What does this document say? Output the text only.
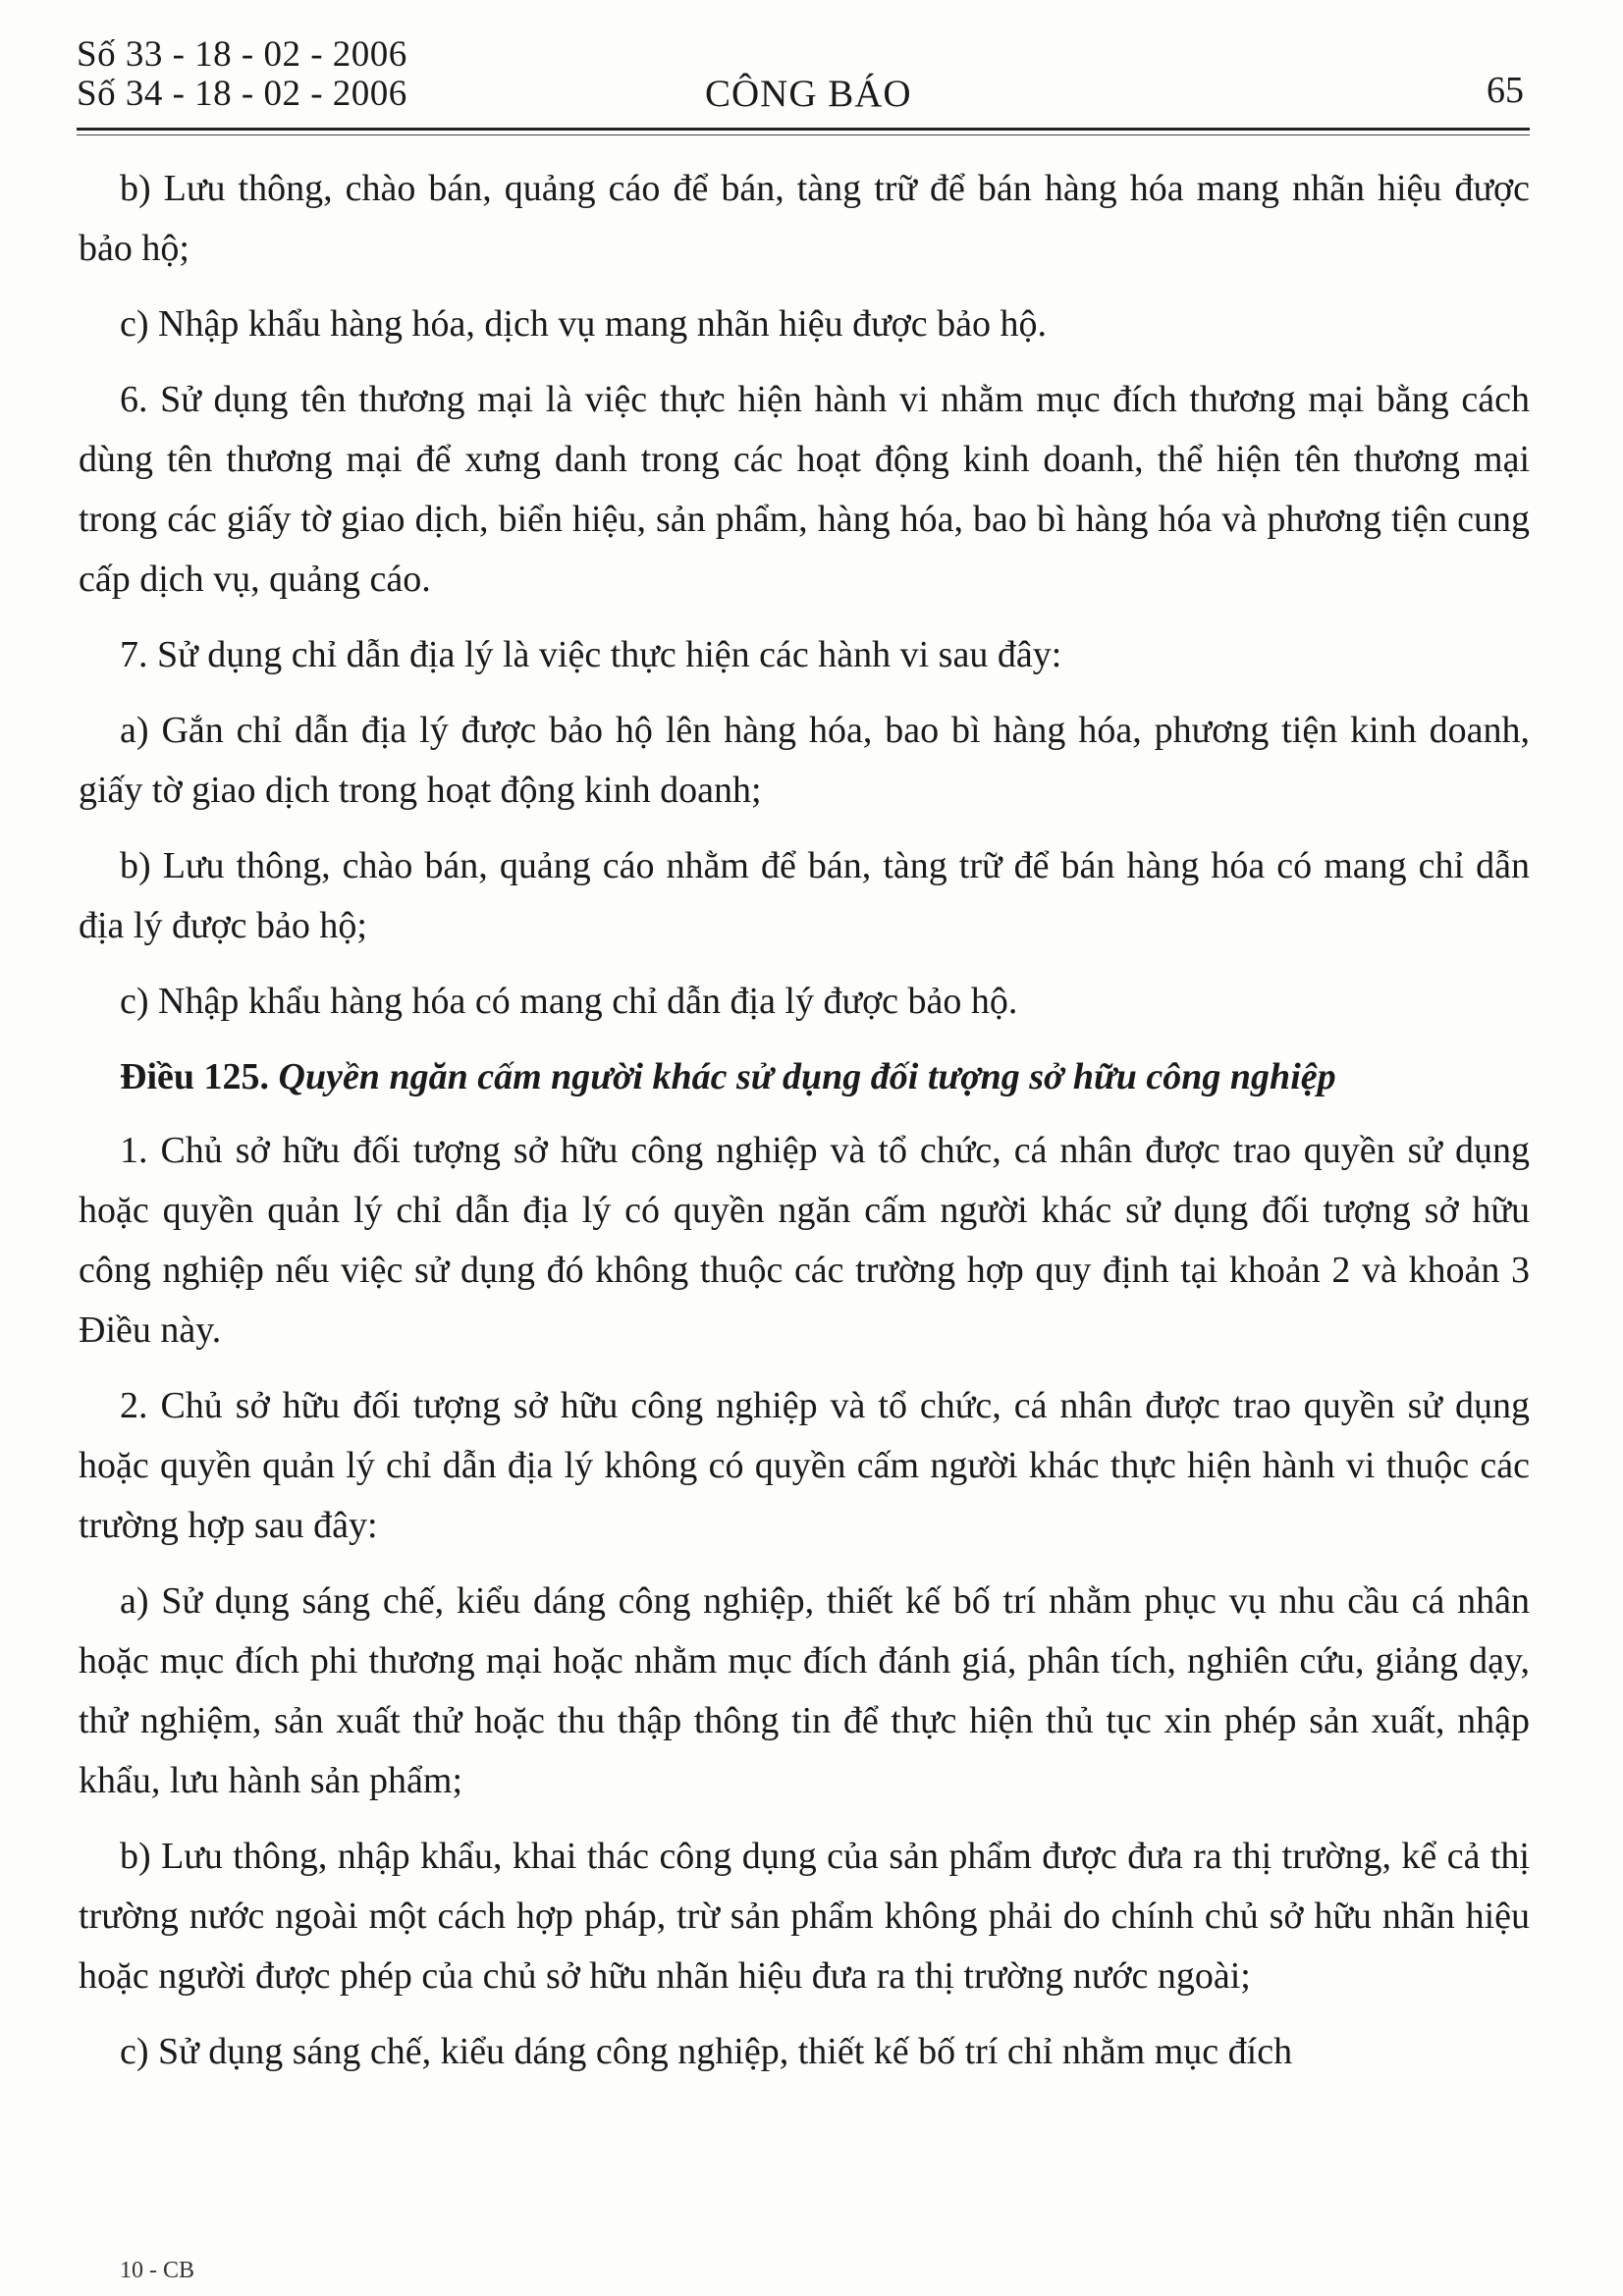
Số 33 - 18 - 02 - 2006
Số 34 - 18 - 02 - 2006	CÔNG BÁO	65

b) Lưu thông, chào bán, quảng cáo để bán, tàng trữ để bán hàng hóa mang nhãn hiệu được bảo hộ;

c) Nhập khẩu hàng hóa, dịch vụ mang nhãn hiệu được bảo hộ.

6. Sử dụng tên thương mại là việc thực hiện hành vi nhằm mục đích thương mại bằng cách dùng tên thương mại để xưng danh trong các hoạt động kinh doanh, thể hiện tên thương mại trong các giấy tờ giao dịch, biển hiệu, sản phẩm, hàng hóa, bao bì hàng hóa và phương tiện cung cấp dịch vụ, quảng cáo.

7. Sử dụng chỉ dẫn địa lý là việc thực hiện các hành vi sau đây:

a) Gắn chỉ dẫn địa lý được bảo hộ lên hàng hóa, bao bì hàng hóa, phương tiện kinh doanh, giấy tờ giao dịch trong hoạt động kinh doanh;

b) Lưu thông, chào bán, quảng cáo nhằm để bán, tàng trữ để bán hàng hóa có mang chỉ dẫn địa lý được bảo hộ;

c) Nhập khẩu hàng hóa có mang chỉ dẫn địa lý được bảo hộ.

Điều 125. Quyền ngăn cấm người khác sử dụng đối tượng sở hữu công nghiệp

1. Chủ sở hữu đối tượng sở hữu công nghiệp và tổ chức, cá nhân được trao quyền sử dụng hoặc quyền quản lý chỉ dẫn địa lý có quyền ngăn cấm người khác sử dụng đối tượng sở hữu công nghiệp nếu việc sử dụng đó không thuộc các trường hợp quy định tại khoản 2 và khoản 3 Điều này.

2. Chủ sở hữu đối tượng sở hữu công nghiệp và tổ chức, cá nhân được trao quyền sử dụng hoặc quyền quản lý chỉ dẫn địa lý không có quyền cấm người khác thực hiện hành vi thuộc các trường hợp sau đây:

a) Sử dụng sáng chế, kiểu dáng công nghiệp, thiết kế bố trí nhằm phục vụ nhu cầu cá nhân hoặc mục đích phi thương mại hoặc nhằm mục đích đánh giá, phân tích, nghiên cứu, giảng dạy, thử nghiệm, sản xuất thử hoặc thu thập thông tin để thực hiện thủ tục xin phép sản xuất, nhập khẩu, lưu hành sản phẩm;

b) Lưu thông, nhập khẩu, khai thác công dụng của sản phẩm được đưa ra thị trường, kể cả thị trường nước ngoài một cách hợp pháp, trừ sản phẩm không phải do chính chủ sở hữu nhãn hiệu hoặc người được phép của chủ sở hữu nhãn hiệu đưa ra thị trường nước ngoài;

c) Sử dụng sáng chế, kiểu dáng công nghiệp, thiết kế bố trí chỉ nhằm mục đích

10 - CB
